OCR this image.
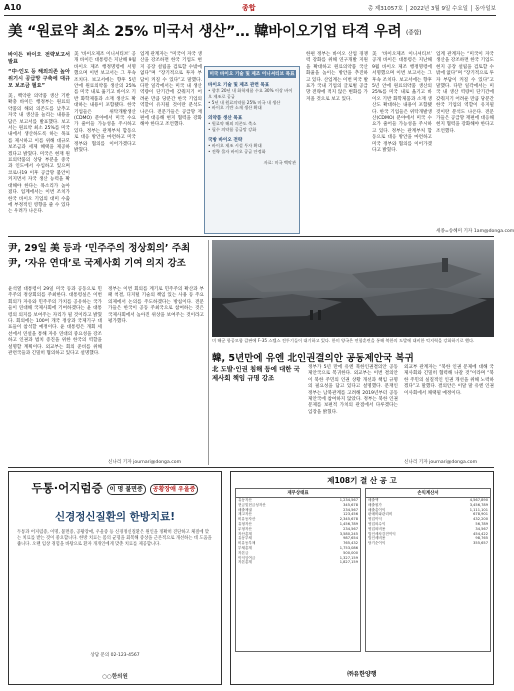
A10	종합	총 제31057호 │ 2022년 3월 9일 수요일 │ 동아일보
美 “원료약 최소 25% 미국서 생산”… 韓바이오기업 타격 우려 (종합)
바이든 바이오 전략보고서 발표
“中·인도 등 해외의존 높아 위기시 공급망 구축에 대규모 보조금 필요”
美, 백악관 의약품 생산 기반 확충 바이든 행정부는 원료의약품의 해외 의존도를 낮추고 자국 내 생산을 늘리는 내용을 담은 보고서를 발표했다. 보고서는 원료약 최소 25%를 미국 내에서 생산하도록 하는 목표를 제시하고 이를 위해 대규모 보조금과 세제 혜택을 제공하겠다고 밝혔다. 미국은 현재 원료의약품의 상당 부분을 중국과 인도에서 수입하고 있으며 코로나19 이후 공급망 불안이 커지면서 자국 생산 능력을 확대해야 한다는 목소리가 높아졌다. 업계에서는 이번 조치가 한국 바이오 기업의 대미 수출에 부정적인 영향을 줄 수 있다는 우려가 나온다.
美 ‘바이오제조 이니셔티브’ 공개 바이든 대통령은 지난해 9월 바이오 제조 행정명령에 서명했으며 이번 보고서는 그 후속 조치다. 보고서에는 향후 5년 안에 원료의약품 생산의 25%를 미국 내로 옮기고 바이오 기반 화학제품과 소재 생산도 확대하는 내용이 포함됐다. 한국 기업들은 위탁개발생산(CDMO) 분야에서 미국 수요가 줄어들 가능성을 주시하고 있다. 정부는 관계부처 합동으로 대응 방안을 마련하고 미국 정부와 협의를 이어가겠다고 밝혔다.
업계 관계자는 “미국이 자국 생산을 강조하면 한국 기업도 현지 공장 설립을 검토할 수밖에 없다”며 “장기적으로 투자 부담이 커질 수 있다”고 말했다. 다만 일각에서는 미국 내 생산 역량이 단기간에 갖춰지기 어려운 만큼 당분간 한국 기업의 역할이 유지될 것이란 분석도 나온다. 전문가들은 공급망 재편에 대응해 현지 협력을 강화해야 한다고 조언했다.
미국 바이오 기술 및 제조 이니셔티브 목표
바이오 기술 및 제조 관련 목표
• 향후 20년 내 화학제품 수요 30% 이상 바이오 제조로 공급
• 5년 내 원료의약품 25% 미국 내 생산
• 바이오 기반 소재 생산 확대
의약품 생산 목표
• 원료약 해외 의존도 축소
• 필수 의약품 공급망 강화
국방 바이오 전략
• 바이오 제조 시설 투자 확대
• 전략 물자 바이오 공급 안정화
자료: 미국 백악관
한편 정부는 바이오 산업 경쟁력 강화를 위해 연구개발 지원을 확대하고 원료의약품 국산화율을 높이는 방안을 추진하고 있다. 산업계는 이번 미국 발표가 국내 기업의 글로벌 공급망 전략에 적지 않은 변화를 가져올 것으로 보고 있다.
美 ‘바이오제조 이니셔티브’ 공개 바이든 대통령은 지난해 9월 바이오 제조 행정명령에 서명했으며 이번 보고서는 그 후속 조치다. 보고서에는 향후 5년 안에 원료의약품 생산의 25%를 미국 내로 옮기고 바이오 기반 화학제품과 소재 생산도 확대하는 내용이 포함됐다. 한국 기업들은 위탁개발생산(CDMO) 분야에서 미국 수요가 줄어들 가능성을 주시하고 있다. 정부는 관계부처 합동으로 대응 방안을 마련하고 미국 정부와 협의를 이어가겠다고 밝혔다.
업계 관계자는 “미국이 자국 생산을 강조하면 한국 기업도 현지 공장 설립을 검토할 수밖에 없다”며 “장기적으로 투자 부담이 커질 수 있다”고 말했다. 다만 일각에서는 미국 내 생산 역량이 단기간에 갖춰지기 어려운 만큼 당분간 한국 기업의 역할이 유지될 것이란 분석도 나온다. 전문가들은 공급망 재편에 대응해 현지 협력을 강화해야 한다고 조언했다.
세종=송혜미 기자 1am@donga.com
尹, 29일 美 등과 ‘민주주의 정상회의’ 주최 尹, ‘자유 연대’로 국제사회 기여 의지 강조
윤석열 대통령이 29일 미국 등과 공동으로 민주주의 정상회의를 주최한다. 대통령실은 이번 회의가 자유와 민주주의 가치를 공유하는 국가들이 연대해 국제사회에 기여하겠다는 윤 대통령의 의지를 보여주는 자리가 될 것이라고 밝혔다. 회의에는 100여 개국 정상과 국제기구 대표들이 참석할 예정이다. 윤 대통령은 개회 세션에서 연설을 통해 자유 연대의 중요성을 강조하고 인권과 법치 증진을 위한 한국의 역할을 설명할 계획이다. 외교부는 회의 준비를 위해 관련국들과 긴밀히 협의하고 있다고 설명했다.
정부는 이번 회의를 계기로 민주주의 확산과 부패 척결, 디지털 기술의 책임 있는 사용 등 주요 의제에서 논의를 주도하겠다는 방침이다. 전문가들은 한국이 공동 주최국으로 참여하는 것은 국제사회에서 높아진 위상을 보여주는 것이라고 평가했다.
신나리 기자 journari@donga.com
미 해군 항공모함 갑판에 F-35 스텔스 전투기들이 대기하고 있다. 한미 양국은 연합훈련을 통해 북한의 도발에 대비한 억지력을 강화하기로 했다.
韓, 5년만에 유엔 北인권결의안 공동제안국 복귀
北 도발·인권 침해 등에 대한 국제사회 책임 규명 강조
정부가 5년 만에 유엔 북한인권결의안 공동제안국으로 복귀한다. 외교부는 이번 결의안이 북한 주민의 인권 상황 개선과 책임 규명의 필요성을 담고 있다고 설명했다. 문재인 정부는 남북관계를 고려해 2019년부터 공동제안국에 참여하지 않았다. 정부는 북한 인권 문제를 보편적 가치의 관점에서 다루겠다는 입장을 밝혔다.
외교부 관계자는 “북한 인권 문제에 대해 국제사회와 긴밀히 협력해 나갈 것”이라며 “북한 주민의 실질적인 인권 개선을 위해 노력하겠다”고 말했다. 결의안은 이달 말 유엔 인권이사회에서 채택될 예정이다.
신나리 기자 journari@donga.com
두통·어지럼증 이 명 불면증 공황장애 우울증
신경정신질환의 한방치료!
두통과 어지럼증, 이명, 불면증, 공황장애, 우울증 등 신경정신질환은 원인을 정확히 진단하고 체질에 맞는 치료를 받는 것이 중요합니다. 한방 치료는 몸의 균형을 회복해 증상을 근본적으로 개선하는 데 도움을 줍니다. 오랜 임상 경험을 바탕으로 환자 개개인에게 맞춘 치료를 제공합니다.
상담 문의 02-123-4567
○○한의원
제108기 결 산 공 고
재무상태표
유동자산	1,234,567
현금및현금성자산	345,678
매출채권	234,567
재고자산	123,456
비유동자산	2,345,678
유형자산	1,456,789
무형자산	234,567
자산총계	3,580,245
유동부채	987,654
비유동부채	765,432
부채총계	1,753,086
자본금	500,000
이익잉여금	1,327,159
자본총계	1,827,159
손익계산서
매출액	4,567,890
매출원가	3,456,789
매출총이익	1,111,101
판매비와관리비	678,901
영업이익	432,200
영업외수익	56,789
영업외비용	34,567
법인세차감전이익	454,422
법인세비용	98,765
당기순이익	355,657
㈜유한양행
